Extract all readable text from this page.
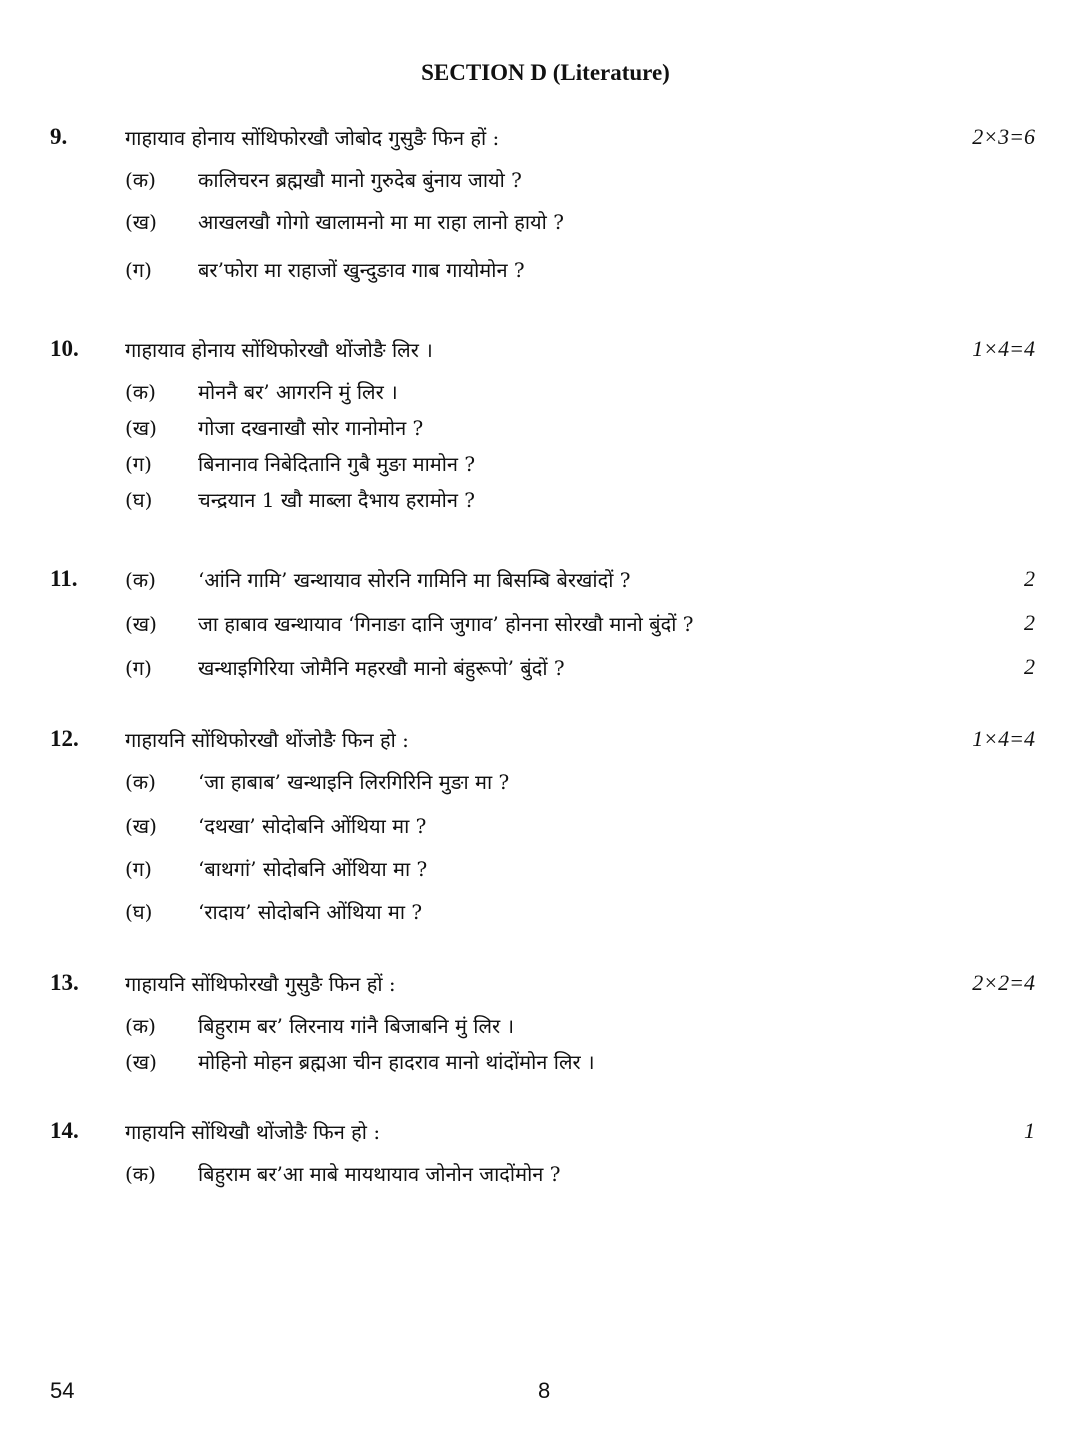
SECTION D (Literature)
9.	गाहायाव होनाय सोंथिफोरखौ जोबोद गुसुङै फिन हों :	2×3=6
(क) कालिचरन ब्रह्मखौ मानो गुरुदेब बुंनाय जायो ?
(ख) आखलखौ गोगो खालामनो मा मा राहा लानो हायो ?
(ग) बर’फोरा मा राहाजों खुन्दुङाव गाब गायोमोन ?
10. गाहायाव होनाय सोंथिफोरखौ थोंजोङै लिर ।	1×4=4
(क) मोननै बर’ आगरनि मुं लिर ।
(ख) गोजा दखनाखौ सोर गानोमोन ?
(ग) बिनानाव निबेदितानि गुबै मुङा मामोन ?
(घ) चन्द्रयान 1 खौ माब्ला दैभाय हरामोन ?
11. (क) ‘आंनि गामि’ खन्थायाव सोरनि गामिनि मा बिसम्बि बेरखांदों ?	2
(ख) जा हाबाव खन्थायाव ‘गिनाङा दानि जुगाव’ होनना सोरखौ मानो बुंदों ?	2
(ग) खन्थाइगिरिया जोमैनि महरखौ मानो बंहुरूपो’ बुंदों ?	2
12. गाहायनि सोंथिफोरखौ थोंजोङै फिन हो :	1×4=4
(क) ‘जा हाबाब’ खन्थाइनि लिरगिरिनि मुङा मा ?
(ख) ‘दथखा’ सोदोबनि ओंथिया मा ?
(ग) ‘बाथगां’ सोदोबनि ओंथिया मा ?
(घ) ‘रादाय’ सोदोबनि ओंथिया मा ?
13. गाहायनि सोंथिफोरखौ गुसुङै फिन हों :	2×2=4
(क) बिहुराम बर’ लिरनाय गांनै बिजाबनि मुं लिर ।
(ख) मोहिनो मोहन ब्रह्मआ चीन हादराव मानो थांदोंमोन लिर ।
14. गाहायनि सोंथिखौ थोंजोङै फिन हो :	1
(क) बिहुराम बर’आ माबे मायथायाव जोनोन जादोंमोन ?
54	8
